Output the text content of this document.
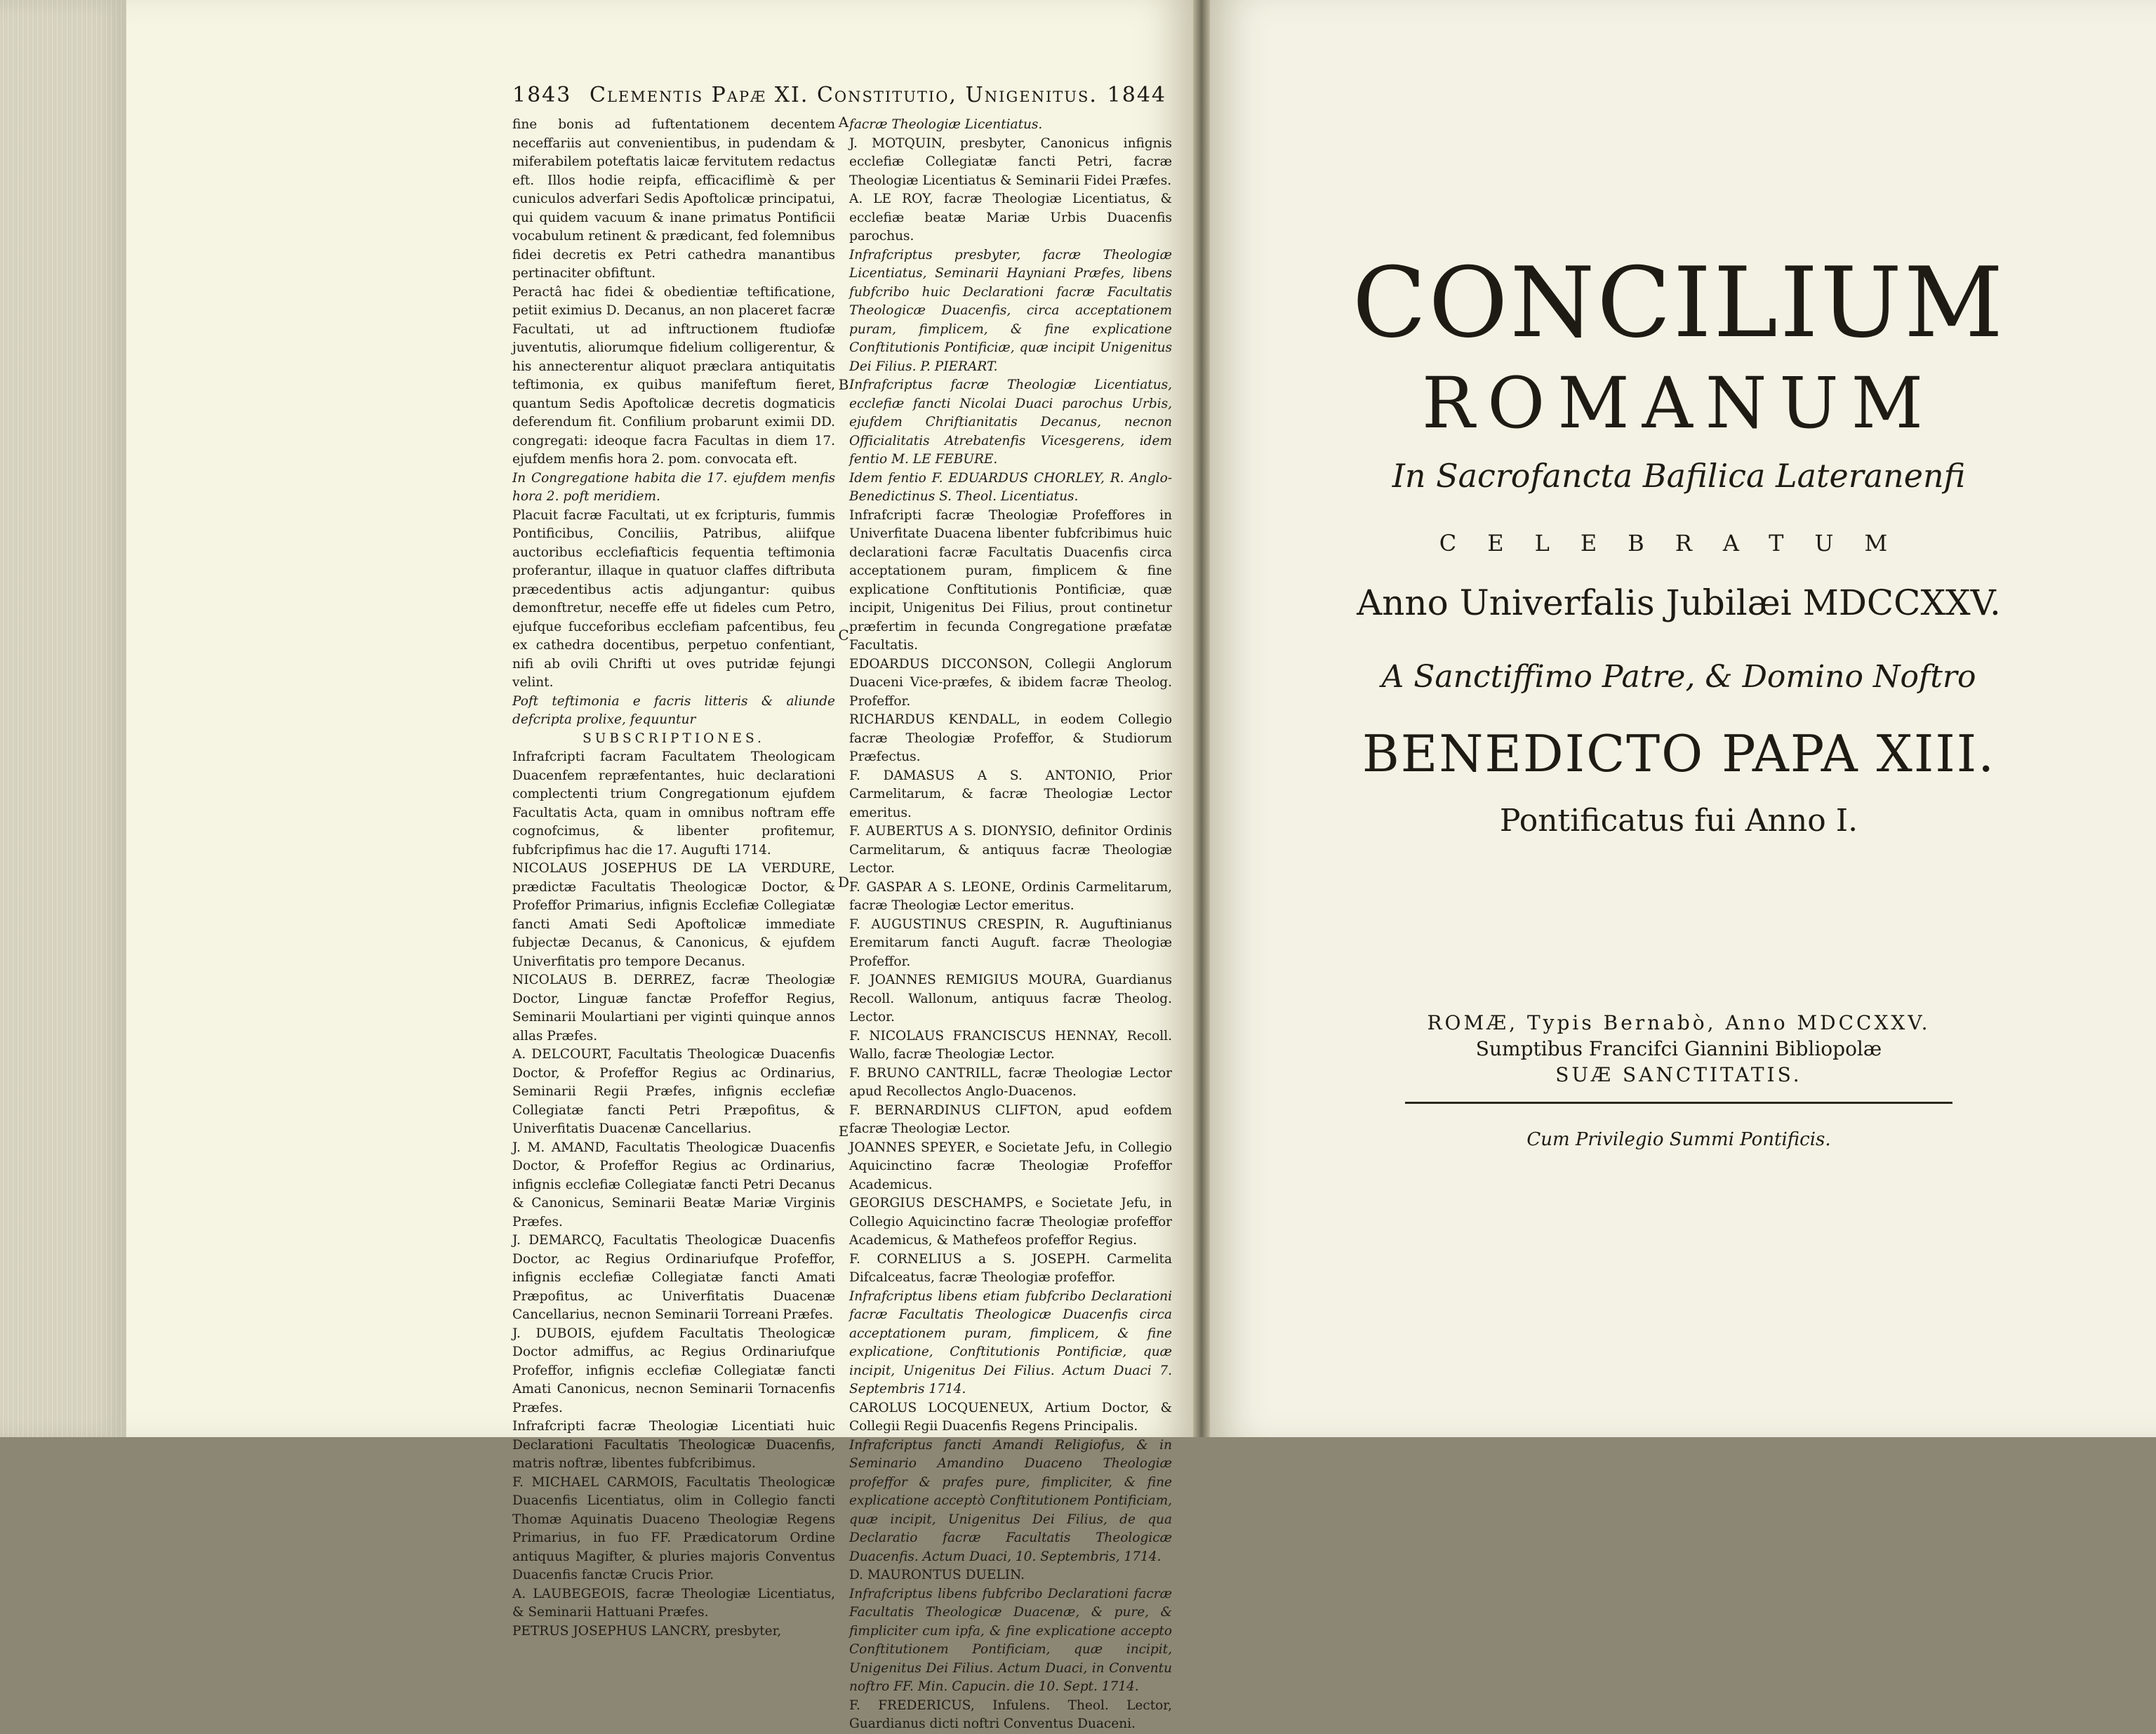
1843 Clementis Papæ XI. Constitutio, Unigenitus. 1844

fine bonis ad fuftentationem decentem neceffariis aut convenientibus, in pudendam & miferabilem poteftatis laicæ fervitutem redactus eft. Illos hodie reipfa, efficaciflimè & per cuniculos adverfari Sedis Apoftolicæ principatui, qui quidem vacuum & inane primatus Pontificii vocabulum retinent & prædicant, fed folemnibus fidei decretis ex Petri cathedra manantibus pertinaciter obfiftunt.

Peractâ hac fidei & obedientiæ teftificatione, petiit eximius D. Decanus, an non placeret facræ Facultati, ut ad inftructionem ftudiofæ juventutis, aliorumque fidelium colligerentur, & his annecterentur aliquot præclara antiquitatis teftimonia, ex quibus manifeftum fieret, quantum Sedis Apoftolicæ decretis dogmaticis deferendum fit. Confilium probarunt eximii DD. congregati: ideoque facra Facultas in diem 17. ejufdem menfis hora 2. pom. convocata eft.

In Congregatione habita die 17. ejufdem menfis hora 2. poft meridiem.

Placuit facræ Facultati, ut ex fcripturis, fummis Pontificibus, Conciliis, Patribus, aliifque auctoribus ecclefiafticis fequentia teftimonia proferantur, illaque in quatuor claffes diftributa præcedentibus actis adjungantur: quibus demonftretur, neceffe effe ut fideles cum Petro, ejufque fucceforibus ecclefiam pafcentibus, feu ex cathedra docentibus, perpetuo confentiant, nifi ab ovili Chrifti ut oves putridæ fejungi velint.

Poft teftimonia e facris litteris & aliunde defcripta prolixe, fequuntur

SUBSCRIPTIONES.

Infrafcripti facram Facultatem Theologicam Duacenfem repræfentantes, huic declarationi complectenti trium Congregationum ejufdem Facultatis Acta, quam in omnibus noftram effe cognofcimus, & libenter profitemur, fubfcripfimus hac die 17. Augufti 1714.

NICOLAUS JOSEPHUS DE LA VERDURE, prædictæ Facultatis Theologicæ Doctor, & Profeffor Primarius, infignis Ecclefiæ Collegiatæ fancti Amati Sedi Apoftolicæ immediate fubjectæ Decanus, & Canonicus, & ejufdem Univerfitatis pro tempore Decanus.

NICOLAUS B. DERREZ, facræ Theologiæ Doctor, Linguæ fanctæ Profeffor Regius, Seminarii Moulartiani per viginti quinque annos allas Præfes.

A. DELCOURT, Facultatis Theologicæ Duacenfis Doctor, & Profeffor Regius ac Ordinarius, Seminarii Regii Præfes, infignis ecclefiæ Collegiatæ fancti Petri Præpofitus, & Univerfitatis Duacenæ Cancellarius.

J. M. AMAND, Facultatis Theologicæ Duacenfis Doctor, & Profeffor Regius ac Ordinarius, infignis ecclefiæ Collegiatæ fancti Petri Decanus & Canonicus, Seminarii Beatæ Mariæ Virginis Præfes.

J. DEMARCQ, Facultatis Theologicæ Duacenfis Doctor, ac Regius Ordinariufque Profeffor, infignis ecclefiæ Collegiatæ fancti Amati Præpofitus, ac Univerfitatis Duacenæ Cancellarius, necnon Seminarii Torreani Præfes.

J. DUBOIS, ejufdem Facultatis Theologicæ Doctor admiffus, ac Regius Ordinariufque Profeffor, infignis ecclefiæ Collegiatæ fancti Amati Canonicus, necnon Seminarii Tornacenfis Præfes.

Infrafcripti facræ Theologiæ Licentiati huic Declarationi Facultatis Theologicæ Duacenfis, matris noftræ, libentes fubfcribimus.

F. MICHAEL CARMOIS, Facultatis Theologicæ Duacenfis Licentiatus, olim in Collegio fancti Thomæ Aquinatis Duaceno Theologiæ Regens Primarius, in fuo FF. Prædicatorum Ordine antiquus Magifter, & pluries majoris Conventus Duacenfis fanctæ Crucis Prior.

A. LAUBEGEOIS, facræ Theologiæ Licentiatus, & Seminarii Hattuani Præfes.

PETRUS JOSEPHUS LANCRY, presbyter,

facræ Theologiæ Licentiatus.

J. MOTQUIN, presbyter, Canonicus infignis ecclefiæ Collegiatæ fancti Petri, facræ Theologiæ Licentiatus & Seminarii Fidei Præfes.

A. LE ROY, facræ Theologiæ Licentiatus, & ecclefiæ beatæ Mariæ Urbis Duacenfis parochus.

Infrafcriptus presbyter, facræ Theologiæ Licentiatus, Seminarii Hayniani Præfes, libens fubfcribo huic Declarationi facræ Facultatis Theologicæ Duacenfis, circa acceptationem puram, fimplicem, & fine explicatione Conftitutionis Pontificiæ, quæ incipit Unigenitus Dei Filius. P. PIERART.

Infrafcriptus facræ Theologiæ Licentiatus, ecclefiæ fancti Nicolai Duaci parochus Urbis, ejufdem Chriftianitatis Decanus, necnon Officialitatis Atrebatenfis Vicesgerens, idem fentio M. LE FEBURE.

Idem fentio F. EDUARDUS CHORLEY, R. Anglo-Benedictinus S. Theol. Licentiatus.

Infrafcripti facræ Theologiæ Profeffores in Univerfitate Duacena libenter fubfcribimus huic declarationi facræ Facultatis Duacenfis circa acceptationem puram, fimplicem & fine explicatione Conftitutionis Pontificiæ, quæ incipit, Unigenitus Dei Filius, prout continetur præfertim in fecunda Congregatione præfatæ Facultatis.

EDOARDUS DICCONSON, Collegii Anglorum Duaceni Vice-præfes, & ibidem facræ Theolog. Profeffor.

RICHARDUS KENDALL, in eodem Collegio facræ Theologiæ Profeffor, & Studiorum Præfectus.

F. DAMASUS A S. ANTONIO, Prior Carmelitarum, & facræ Theologiæ Lector emeritus.

F. AUBERTUS A S. DIONYSIO, definitor Ordinis Carmelitarum, & antiquus facræ Theologiæ Lector.

F. GASPAR A S. LEONE, Ordinis Carmelitarum, facræ Theologiæ Lector emeritus.

F. AUGUSTINUS CRESPIN, R. Auguftinianus Eremitarum fancti Auguft. facræ Theologiæ Profeffor.

F. JOANNES REMIGIUS MOURA, Guardianus Recoll. Wallonum, antiquus facræ Theolog. Lector.

F. NICOLAUS FRANCISCUS HENNAY, Recoll. Wallo, facræ Theologiæ Lector.

F. BRUNO CANTRILL, facræ Theologiæ Lector apud Recollectos Anglo-Duacenos.

F. BERNARDINUS CLIFTON, apud eofdem facræ Theologiæ Lector.

JOANNES SPEYER, e Societate Jefu, in Collegio Aquicinctino facræ Theologiæ Profeffor Academicus.

GEORGIUS DESCHAMPS, e Societate Jefu, in Collegio Aquicinctino facræ Theologiæ profeffor Academicus, & Mathefeos profeffor Regius.

F. CORNELIUS a S. JOSEPH. Carmelita Difcalceatus, facræ Theologiæ profeffor.

Infrafcriptus libens etiam fubfcribo Declarationi facræ Facultatis Theologicæ Duacenfis circa acceptationem puram, fimplicem, & fine explicatione, Conftitutionis Pontificiæ, quæ incipit, Unigenitus Dei Filius. Actum Duaci 7. Septembris 1714.

CAROLUS LOCQUENEUX, Artium Doctor, & Collegii Regii Duacenfis Regens Principalis.

Infrafcriptus fancti Amandi Religiofus, & in Seminario Amandino Duaceno Theologiæ profeffor & prafes pure, fimpliciter, & fine explicatione acceptò Conftitutionem Pontificiam, quæ incipit, Unigenitus Dei Filius, de qua Declaratio facræ Facultatis Theologicæ Duacenfis. Actum Duaci, 10. Septembris, 1714.

D. MAURONTUS DUELIN.

Infrafcriptus libens fubfcribo Declarationi facræ Facultatis Theologicæ Duacenæ, & pure, & fimpliciter cum ipfa, & fine explicatione accepto Conftitutionem Pontificiam, quæ incipit, Unigenitus Dei Filius. Actum Duaci, in Conventu noftro FF. Min. Capucin. die 10. Sept. 1714.

F. FREDERICUS, Infulens. Theol. Lector, Guardianus dicti noftri Conventus Duaceni.

A
B
C
D
E
CONCILIUM
ROMANUM
In Sacrofancta Bafilica Lateranenfi
CELEBRATUM
Anno Univerfalis Jubilæi MDCCXXV.
A Sanctiffimo Patre, & Domino Noftro
BENEDICTO PAPA XIII.
Pontificatus fui Anno I.
ROMÆ, Typis Bernabò, Anno MDCCXXV.
Sumptibus Francifci Giannini Bibliopolæ
SUÆ SANCTITATIS.
Cum Privilegio Summi Pontificis.
